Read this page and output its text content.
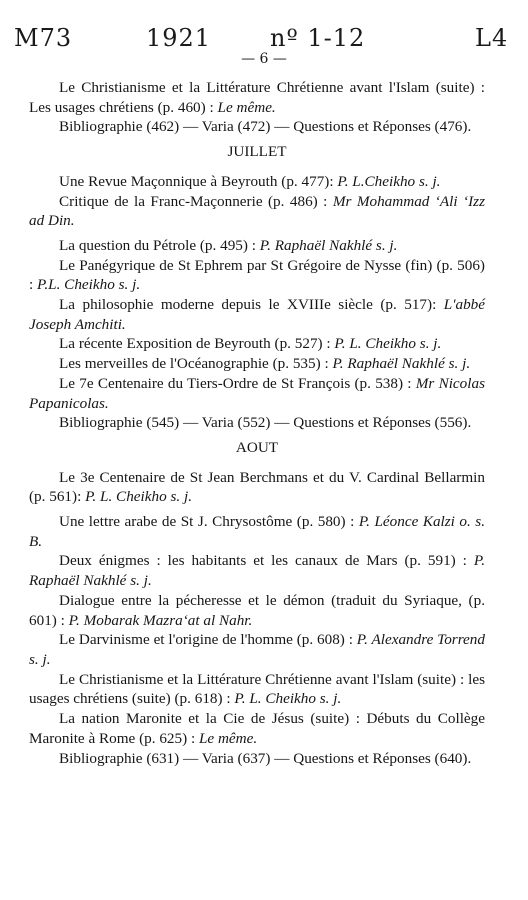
M73	1921 nº 1-12	L4
— 6 —

Le Christianisme et la Littérature Chrétienne avant l'Islam (suite) : Les usages chrétiens (p. 460) : Le même.

Bibliographie (462) — Varia (472) — Questions et Réponses (476).

JUILLET

Une Revue Maçonnique à Beyrouth (p. 477): P. L.Cheikho s. j.

Critique de la Franc-Maçonnerie (p. 486) : Mr Mohammad ‘Ali ‘Izz ad Din.

La question du Pétrole (p. 495) : P. Raphaël Nakhlé s. j.

Le Panégyrique de St Ephrem par St Grégoire de Nysse (fin) (p. 506) : P.L. Cheikho s. j.

La philosophie moderne depuis le XVIIIe siècle (p. 517): L'abbé Joseph Amchiti.

La récente Exposition de Beyrouth (p. 527) : P. L. Cheikho s. j.

Les merveilles de l'Océanographie (p. 535) : P. Raphaël Nakhlé s. j.

Le 7e Centenaire du Tiers-Ordre de St François (p. 538) : Mr Nicolas Papanicolas.

Bibliographie (545) — Varia (552) — Questions et Réponses (556).

AOUT

Le 3e Centenaire de St Jean Berchmans et du V. Cardinal Bellarmin (p. 561): P. L. Cheikho s. j.

Une lettre arabe de St J. Chrysostôme (p. 580) : P. Léonce Kalzi o. s. B.

Deux énigmes : les habitants et les canaux de Mars (p. 591) : P. Raphaël Nakhlé s. j.

Dialogue entre la pécheresse et le démon (traduit du Syriaque, (p. 601) : P. Mobarak Mazra‘at al Nahr.

Le Darvinisme et l'origine de l'homme (p. 608) : P. Alexandre Torrend s. j.

Le Christianisme et la Littérature Chrétienne avant l'Islam (suite) : les usages chrétiens (suite) (p. 618) : P. L. Cheikho s. j.

La nation Maronite et la Cie de Jésus (suite) : Débuts du Collège Maronite à Rome (p. 625) : Le même.

Bibliographie (631) — Varia (637) — Questions et Réponses (640).
